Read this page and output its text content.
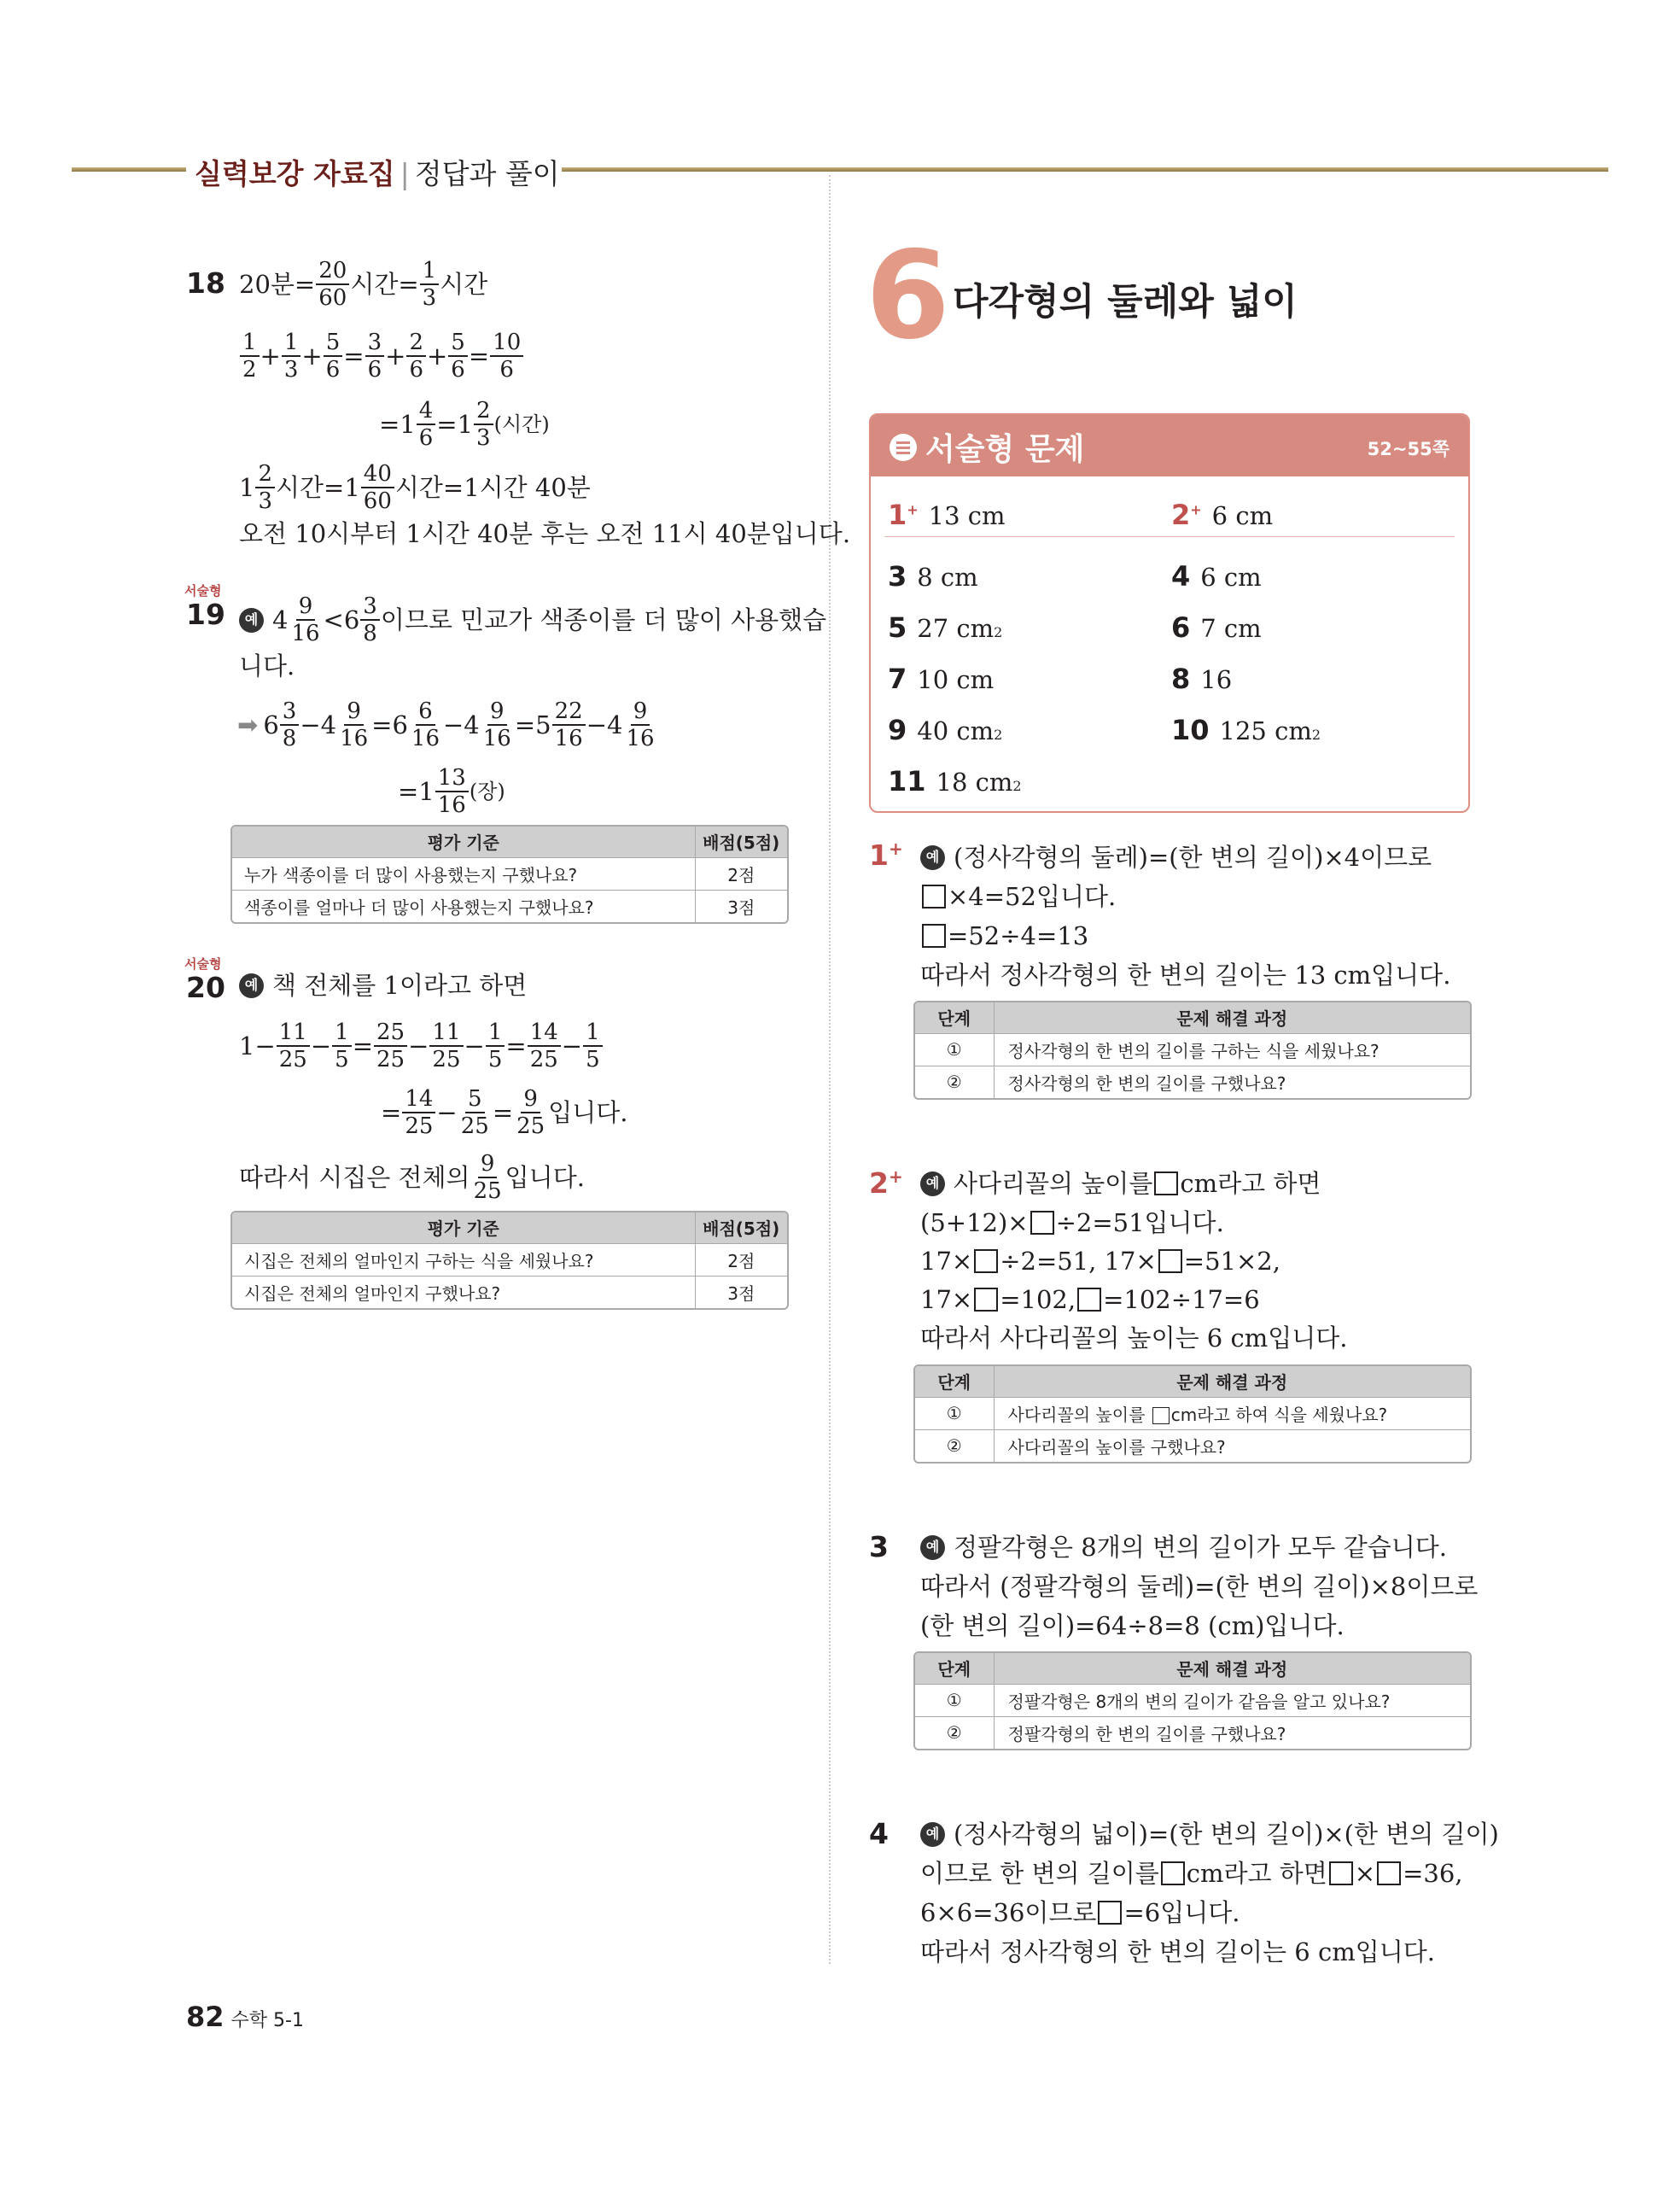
실력보강 자료집 | 정답과 풀이
18 20분= $\frac{20}{60}$ 시간= $\frac{1}{3}$ 시간
$\frac{1}{2} + \frac{1}{3} + \frac{5}{6} = \frac{3}{6} + \frac{2}{6} + \frac{5}{6} = \frac{10}{6}$
$=1 \frac{4}{6} =1 \frac{2}{3}$ (시간)
$1 \frac{2}{3}$ 시간$=1 \frac{40}{60}$ 시간=1시간 40분
오전 10시부터 1시간 40분 후는 오전 11시 40분입니다.
서술형
19	예 $4 \frac{9}{16} <6 \frac{3}{8}$ 이므로 민교가 색종이를 더 많이 사용했습
니다.
➡ $6 \frac{3}{8} -4 \frac{9}{16} =6 \frac{6}{16} -4 \frac{9}{16} =5 \frac{22}{16} -4 \frac{9}{16}$
$=1 \frac{13}{16}$ (장)
평가 기준	배점(5점)
누가 색종이를 더 많이 사용했는지 구했나요?	2점
색종이를 얼마나 더 많이 사용했는지 구했나요?	3점
서술형
20	예 책 전체를 1이라고 하면
$1- \frac{11}{25} - \frac{1}{5} = \frac{25}{25} - \frac{11}{25} - \frac{1}{5} = \frac{14}{25} - \frac{1}{5}$
= $\frac{14}{25} - \frac{5}{25} = \frac{9}{25}$ 입니다.
따라서 시집은 전체의 $\frac{9}{25}$ 입니다.
평가 기준	배점(5점)
시집은 전체의 얼마인지 구하는 식을 세웠나요?	2점
시집은 전체의 얼마인지 구했나요?	3점
6 다각형의 둘레와 넓이
서술형 문제	52~55쪽
1+ 13 cm	2+ 6 cm
3 8 cm	4 6 cm
5 27 cm 2	6 7 cm
7 10 cm	8 16
9 40 cm 2	10 125 cm 2
11 18 cm 2
1+	예 (정사각형의 둘레)=(한 변의 길이)×4이므로
×4=52입니다.
=52÷4=13
따라서 정사각형의 한 변의 길이는 13 cm입니다.
단계	문제 해결 과정
①	정사각형의 한 변의 길이를 구하는 식을 세웠나요?
②	정사각형의 한 변의 길이를 구했나요?
2+	예 사다리꼴의 높이를 cm라고 하면
(5+12)× ÷2=51입니다.
17× ÷2=51, 17× =51×2,
17× =102, =102÷17=6
따라서 사다리꼴의 높이는 6 cm입니다.
단계	문제 해결 과정
①	사다리꼴의 높이를 cm라고 하여 식을 세웠나요?
②	사다리꼴의 높이를 구했나요?
3	예 정팔각형은 8개의 변의 길이가 모두 같습니다.
따라서 (정팔각형의 둘레)=(한 변의 길이)×8이므로
(한 변의 길이)=64÷8=8 (cm)입니다.
단계	문제 해결 과정
①	정팔각형은 8개의 변의 길이가 같음을 알고 있나요?
②	정팔각형의 한 변의 길이를 구했나요?
4	예 (정사각형의 넓이)=(한 변의 길이)×(한 변의 길이)
이므로 한 변의 길이를 cm라고 하면 × =36,
6×6=36이므로 =6입니다.
따라서 정사각형의 한 변의 길이는 6 cm입니다.
82 수학 5-1
